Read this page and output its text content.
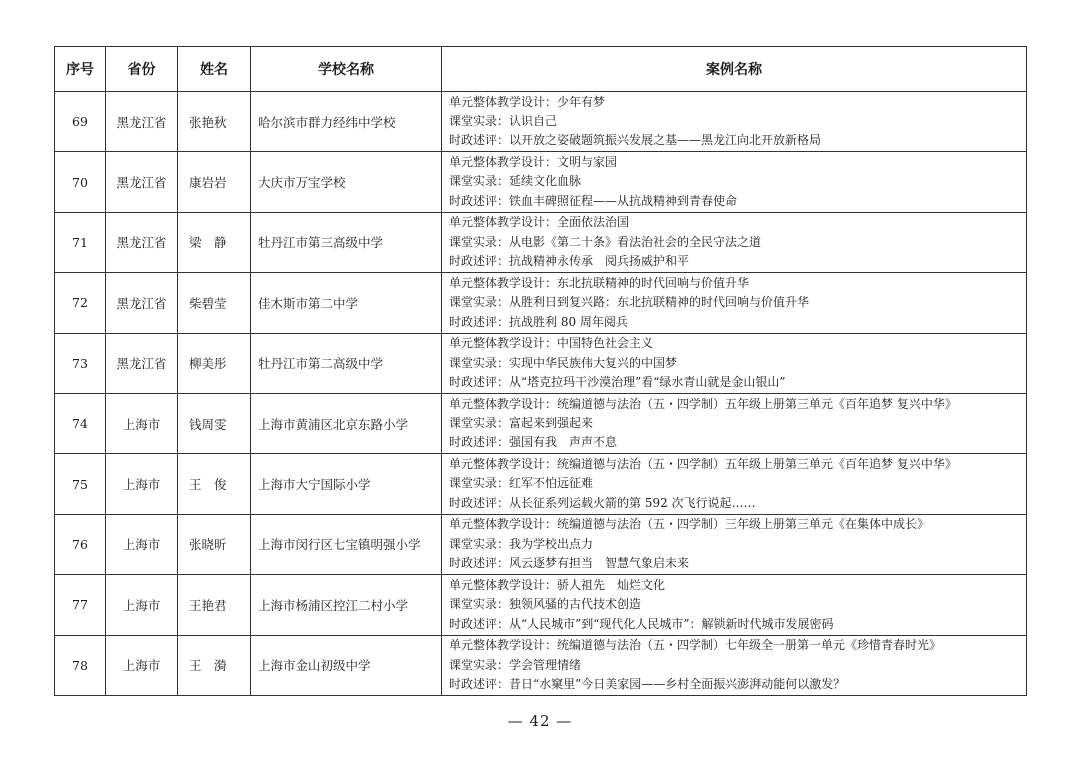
序号	省份	姓名	学校名称	案例名称
69	黑龙江省	张艳秋	哈尔滨市群力经纬中学校	单元整体教学设计：少年有梦
课堂实录：认识自己
时政述评：以开放之姿破题筑振兴发展之基——黑龙江向北开放新格局

70	黑龙江省	康岩岩	大庆市万宝学校	单元整体教学设计：文明与家园
课堂实录：延续文化血脉
时政述评：铁血丰碑照征程——从抗战精神到青春使命

71	黑龙江省	梁　静	牡丹江市第三高级中学	单元整体教学设计：全面依法治国
课堂实录：从电影《第二十条》看法治社会的全民守法之道
时政述评：抗战精神永传承　阅兵扬威护和平

72	黑龙江省	柴碧莹	佳木斯市第二中学	单元整体教学设计：东北抗联精神的时代回响与价值升华
课堂实录：从胜利日到复兴路：东北抗联精神的时代回响与价值升华
时政述评：抗战胜利 80 周年阅兵

73	黑龙江省	柳美彤	牡丹江市第二高级中学	单元整体教学设计：中国特色社会主义
课堂实录：实现中华民族伟大复兴的中国梦
时政述评：从“塔克拉玛干沙漠治理”看“绿水青山就是金山银山”

74	上海市	钱周雯	上海市黄浦区北京东路小学	单元整体教学设计：统编道德与法治（五・四学制）五年级上册第三单元《百年追梦 复兴中华》
课堂实录：富起来到强起来
时政述评：强国有我　声声不息

75	上海市	王　俊	上海市大宁国际小学	单元整体教学设计：统编道德与法治（五・四学制）五年级上册第三单元《百年追梦 复兴中华》
课堂实录：红军不怕远征难
时政述评：从长征系列运载火箭的第 592 次飞行说起……

76	上海市	张晓昕	上海市闵行区七宝镇明强小学	单元整体教学设计：统编道德与法治（五・四学制）三年级上册第三单元《在集体中成长》
课堂实录：我为学校出点力
时政述评：风云逐梦有担当　智慧气象启未来

77	上海市	王艳君	上海市杨浦区控江二村小学	单元整体教学设计：骄人祖先　灿烂文化
课堂实录：独领风骚的古代技术创造
时政述评：从“人民城市”到“现代化人民城市”：解锁新时代城市发展密码

78	上海市	王　漪	上海市金山初级中学	单元整体教学设计：统编道德与法治（五・四学制）七年级全一册第一单元《珍惜青春时光》
课堂实录：学会管理情绪
时政述评：昔日“水窠里”今日美家园——乡村全面振兴澎湃动能何以激发？
— 42 —
